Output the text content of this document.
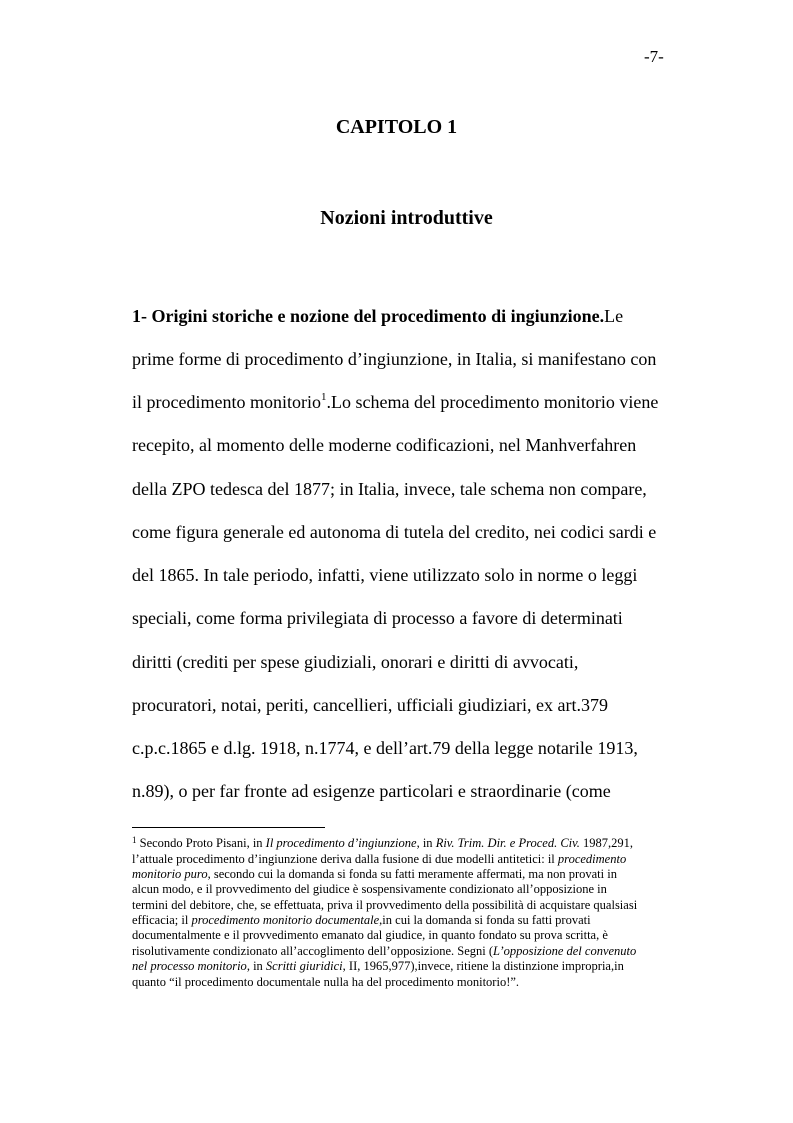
-7-
CAPITOLO 1
Nozioni introduttive
1- Origini storiche e nozione del procedimento di ingiunzione.Le
prime forme di procedimento d’ingiunzione, in Italia, si manifestano con
il procedimento monitorio$^1$.Lo schema del procedimento monitorio viene
recepito, al momento delle moderne codificazioni, nel Manhverfahren
della ZPO tedesca del 1877; in Italia, invece, tale schema non compare,
come figura generale ed autonoma di tutela del credito, nei codici sardi e
del 1865. In tale periodo, infatti, viene utilizzato solo in norme o leggi
speciali, come forma privilegiata di processo a favore di determinati
diritti (crediti per spese giudiziali, onorari e diritti di avvocati,
procuratori, notai, periti, cancellieri, ufficiali giudiziari, ex art.379
c.p.c.1865 e d.lg. 1918, n.1774, e dell’art.79 della legge notarile 1913,
n.89), o per far fronte ad esigenze particolari e straordinarie (come
$^1$ Secondo Proto Pisani, in Il procedimento d’ingiunzione, in Riv. Trim. Dir. e Proced. Civ. 1987,291,
l’attuale procedimento d’ingiunzione deriva dalla fusione di due modelli antitetici: il procedimento
monitorio puro, secondo cui la domanda si fonda su fatti meramente affermati, ma non provati in
alcun modo, e il provvedimento del giudice è sospensivamente condizionato all’opposizione in
termini del debitore, che, se effettuata, priva il provvedimento della possibilità di acquistare qualsiasi
efficacia; il procedimento monitorio documentale,in cui la domanda si fonda su fatti provati
documentalmente e il provvedimento emanato dal giudice, in quanto fondato su prova scritta, è
risolutivamente condizionato all’accoglimento dell’opposizione. Segni (L’opposizione del convenuto
nel processo monitorio, in Scritti giuridici, II, 1965,977),invece, ritiene la distinzione impropria,in
quanto “il procedimento documentale nulla ha del procedimento monitorio!”.
